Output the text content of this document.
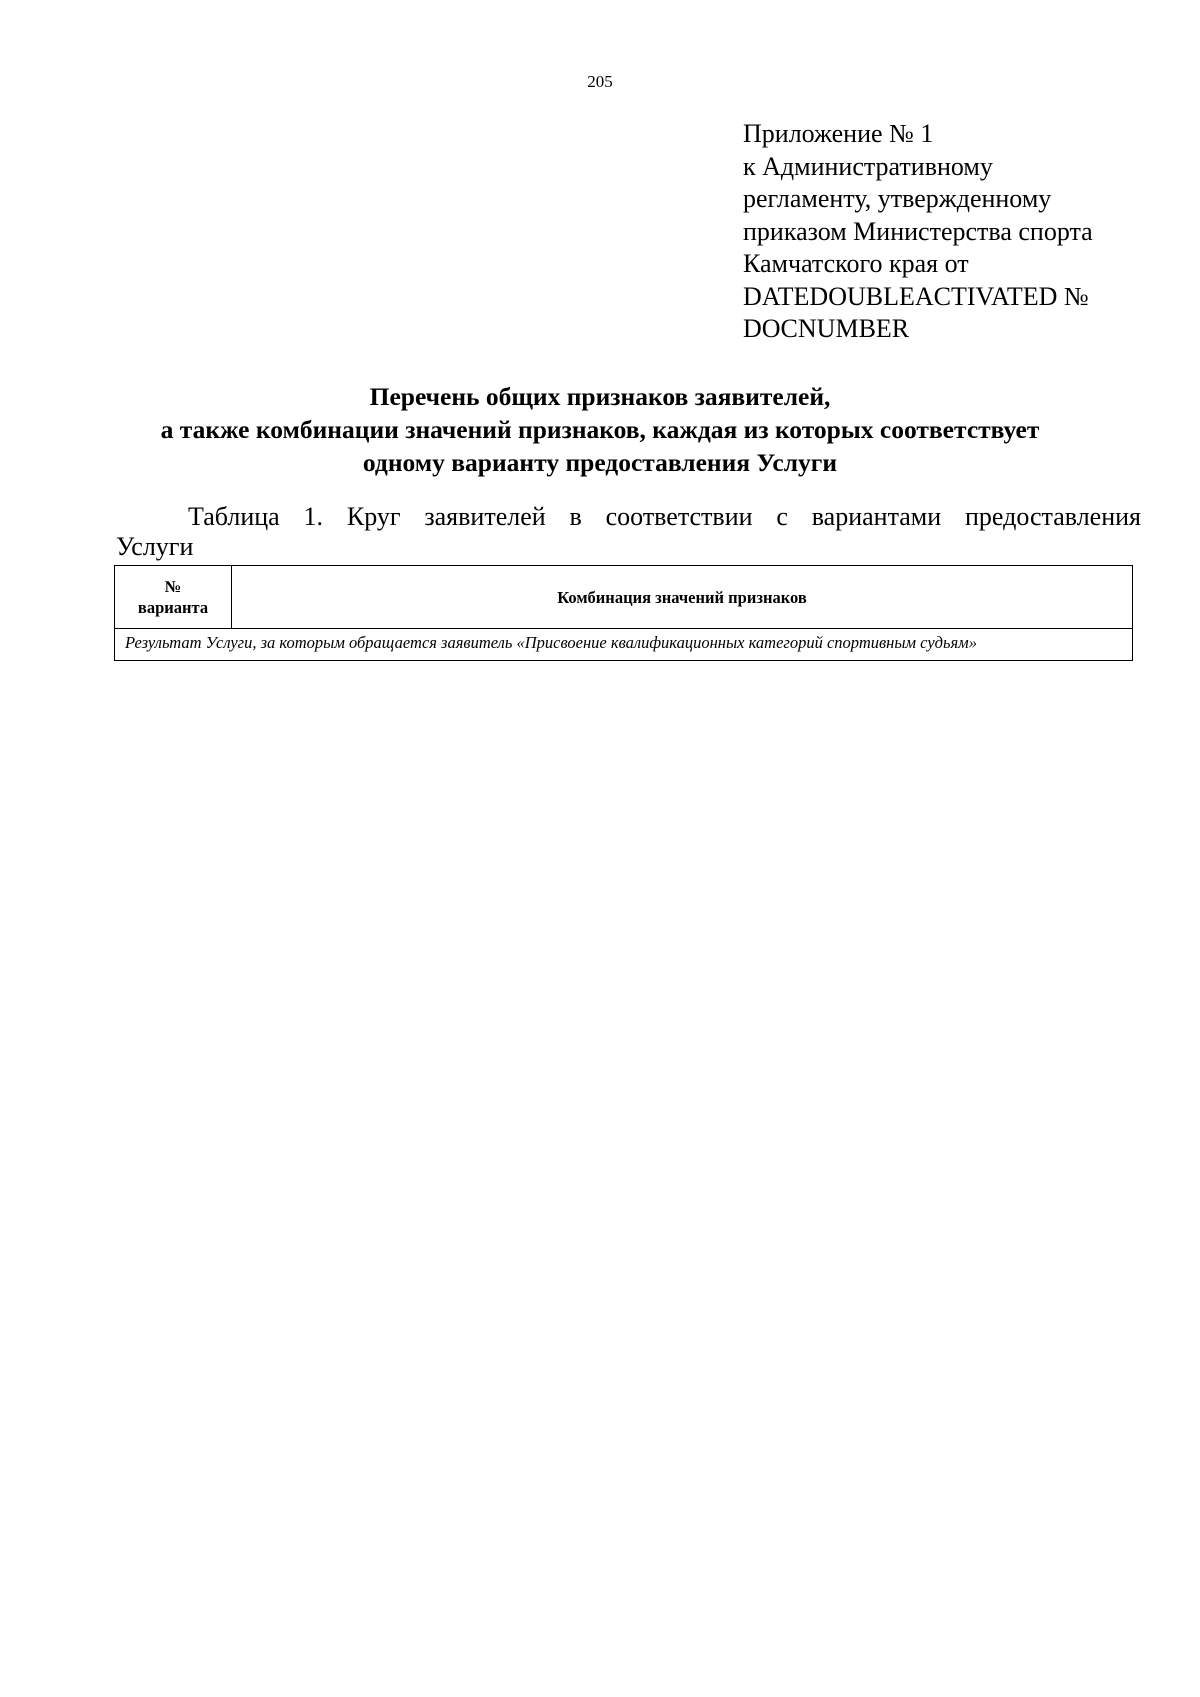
205
Приложение № 1
к Административному
регламенту, утвержденному
приказом Министерства спорта
Камчатского края от
DATEDOUBLEACTIVATED №
DOCNUMBER
Перечень общих признаков заявителей,
а также комбинации значений признаков, каждая из которых соответствует
одному варианту предоставления Услуги
Таблица 1. Круг заявителей в соответствии с вариантами предоставления
Услуги
№
варианта
	Комбинация значений признаков
Результат Услуги, за которым обращается заявитель «Присвоение квалификационных категорий спортивным судьям»
